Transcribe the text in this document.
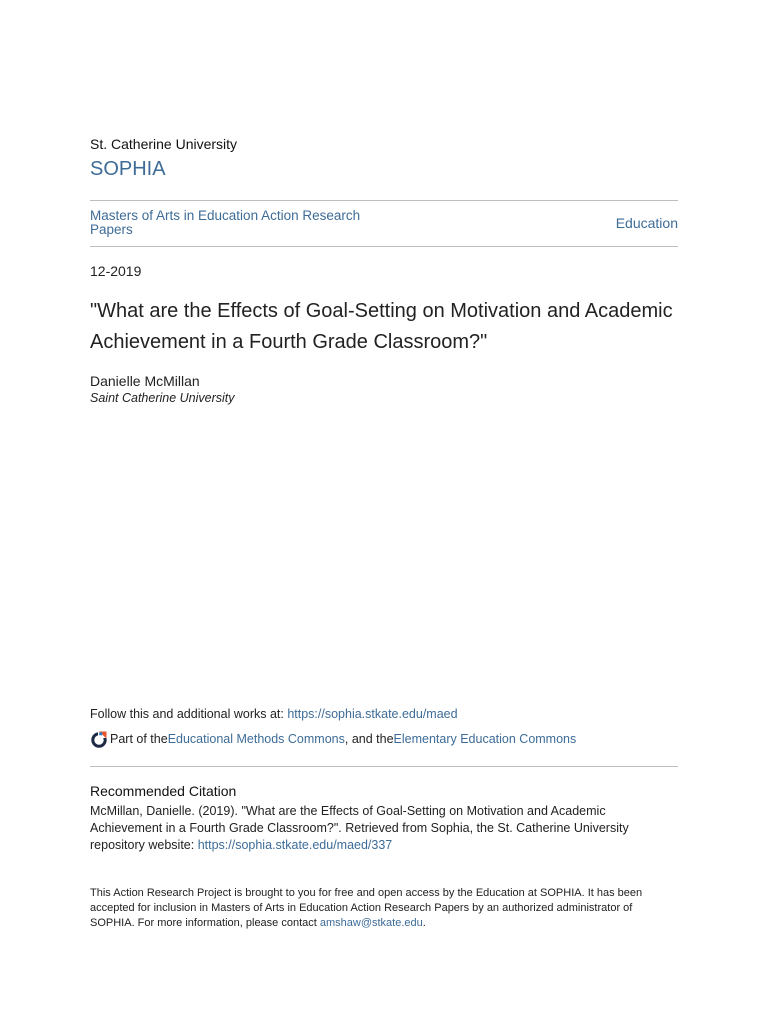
St. Catherine University
SOPHIA
Masters of Arts in Education Action Research Papers	Education
12-2019
"What are the Effects of Goal-Setting on Motivation and Academic Achievement in a Fourth Grade Classroom?"
Danielle McMillan
Saint Catherine University
Follow this and additional works at: https://sophia.stkate.edu/maed
Part of the Educational Methods Commons , and the Elementary Education Commons
Recommended Citation
McMillan, Danielle. (2019). "What are the Effects of Goal-Setting on Motivation and Academic Achievement in a Fourth Grade Classroom?". Retrieved from Sophia, the St. Catherine University repository website: https://sophia.stkate.edu/maed/337
This Action Research Project is brought to you for free and open access by the Education at SOPHIA. It has been accepted for inclusion in Masters of Arts in Education Action Research Papers by an authorized administrator of SOPHIA. For more information, please contact amshaw@stkate.edu.
